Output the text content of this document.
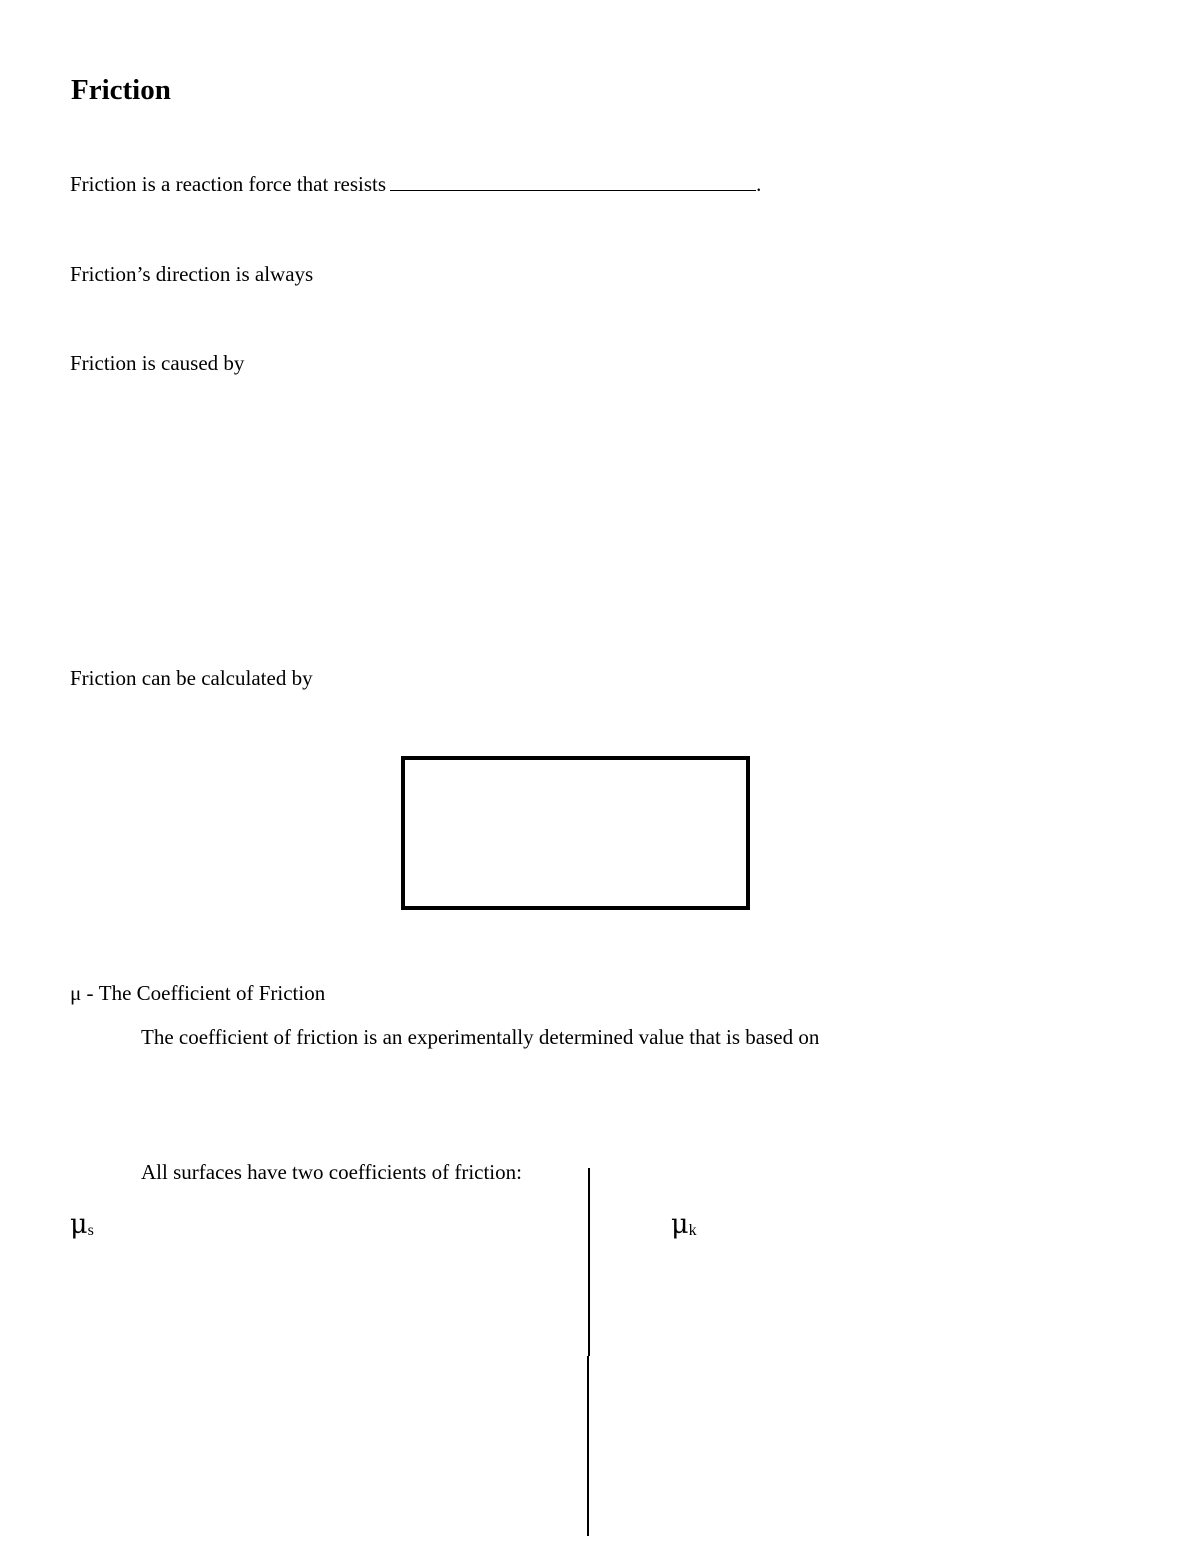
Friction
Friction is a reaction force that resists	.
Friction’s direction is always
Friction is caused by
Friction can be calculated by
μ - The Coefficient of Friction
The coefficient of friction is an experimentally determined value that is based on
All surfaces have two coefficients of friction:
$\mu_s$	$\mu_k$
